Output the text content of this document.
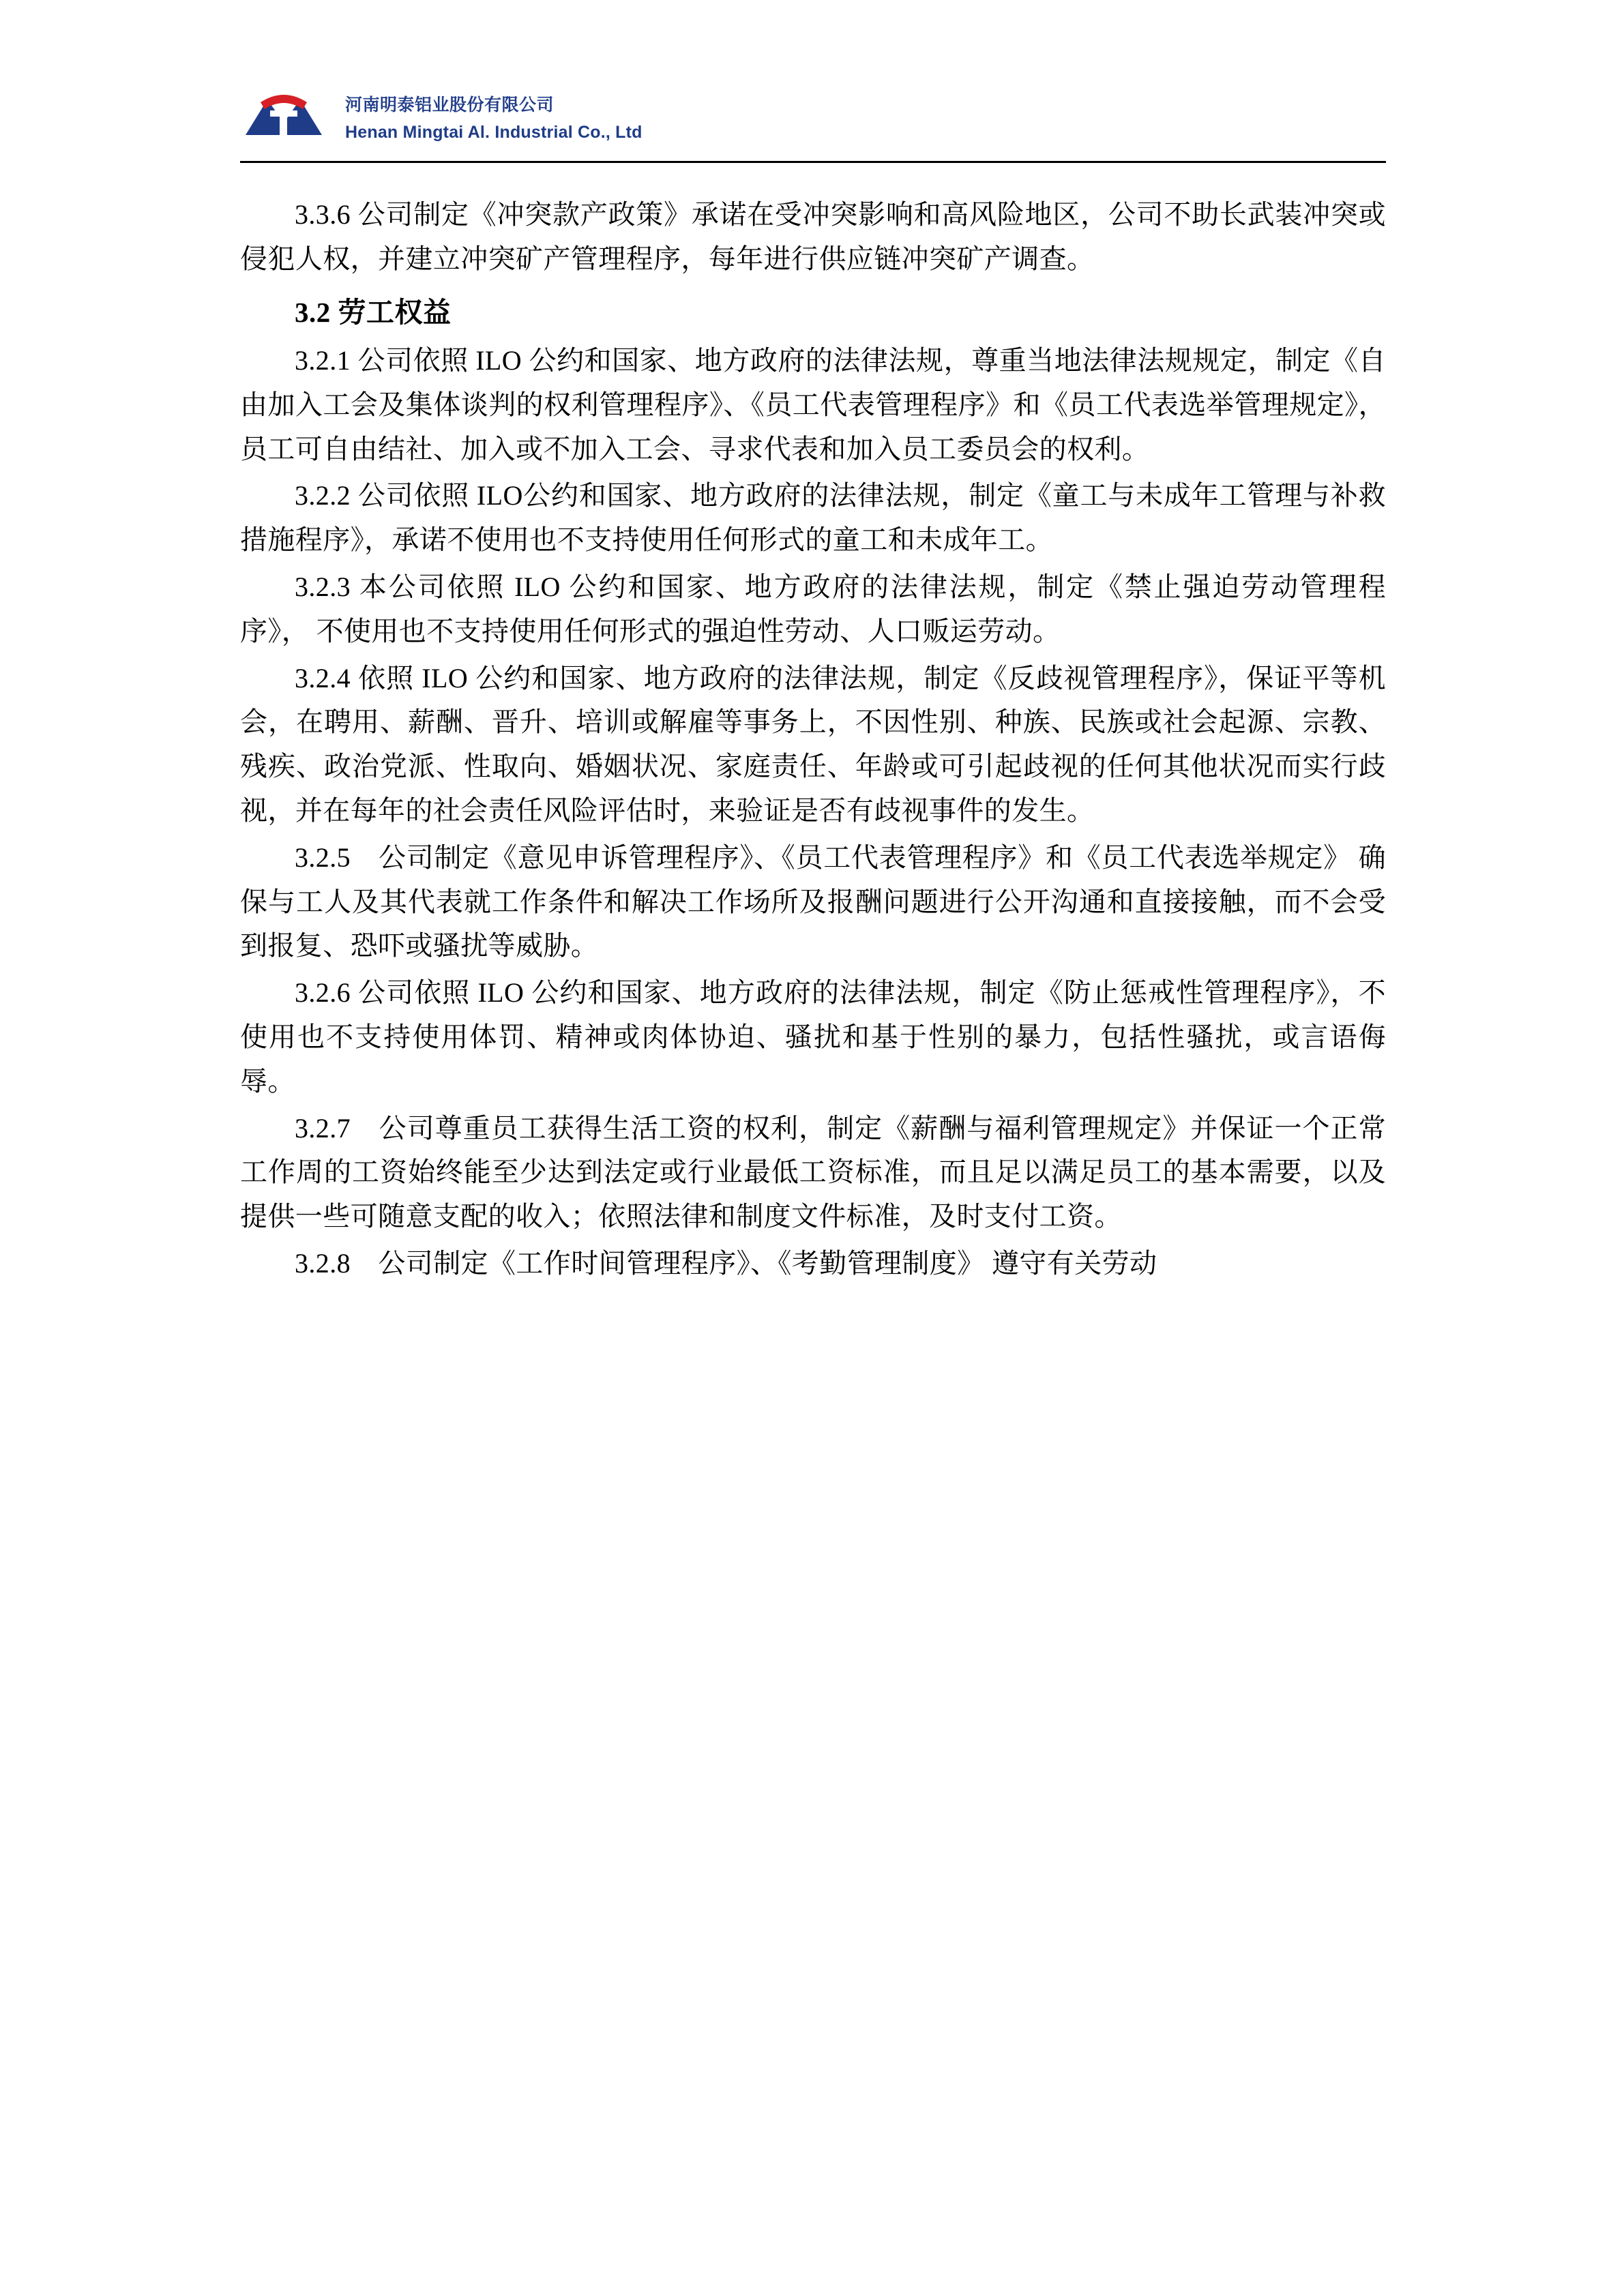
河南明泰铝业股份有限公司
Henan Mingtai Al. Industrial Co., Ltd

3.3.6 公司制定《冲突款产政策》承诺在受冲突影响和高风险地区，公司不助长武装冲突或侵犯人权，并建立冲突矿产管理程序，每年进行供应链冲突矿产调查。

3.2 劳工权益

3.2.1 公司依照 ILO 公约和国家、地方政府的法律法规，尊重当地法律法规规定，制定《自由加入工会及集体谈判的权利管理程序》、《员工代表管理程序》和《员工代表选举管理规定》，员工可自由结社、加入或不加入工会、寻求代表和加入员工委员会的权利。

3.2.2 公司依照 ILO公约和国家、地方政府的法律法规，制定《童工与未成年工管理与补救措施程序》，承诺不使用也不支持使用任何形式的童工和未成年工。

3.2.3 本公司依照 ILO 公约和国家、地方政府的法律法规，制定《禁止强迫劳动管理程序》， 不使用也不支持使用任何形式的强迫性劳动、人口贩运劳动。

3.2.4 依照 ILO 公约和国家、地方政府的法律法规，制定《反歧视管理程序》，保证平等机会，在聘用、薪酬、晋升、培训或解雇等事务上，不因性别、种族、民族或社会起源、宗教、残疾、政治党派、性取向、婚姻状况、家庭责任、年龄或可引起歧视的任何其他状况而实行歧视，并在每年的社会责任风险评估时，来验证是否有歧视事件的发生。

3.2.5　公司制定《意见申诉管理程序》、《员工代表管理程序》和《员工代表选举规定》 确保与工人及其代表就工作条件和解决工作场所及报酬问题进行公开沟通和直接接触，而不会受到报复、恐吓或骚扰等威胁。

3.2.6 公司依照 ILO 公约和国家、地方政府的法律法规，制定《防止惩戒性管理程序》，不使用也不支持使用体罚、精神或肉体协迫、骚扰和基于性别的暴力，包括性骚扰，或言语侮辱。

3.2.7　公司尊重员工获得生活工资的权利，制定《薪酬与福利管理规定》并保证一个正常工作周的工资始终能至少达到法定或行业最低工资标准，而且足以满足员工的基本需要，以及提供一些可随意支配的收入；依照法律和制度文件标准，及时支付工资。

3.2.8　公司制定《工作时间管理程序》、《考勤管理制度》 遵守有关劳动
